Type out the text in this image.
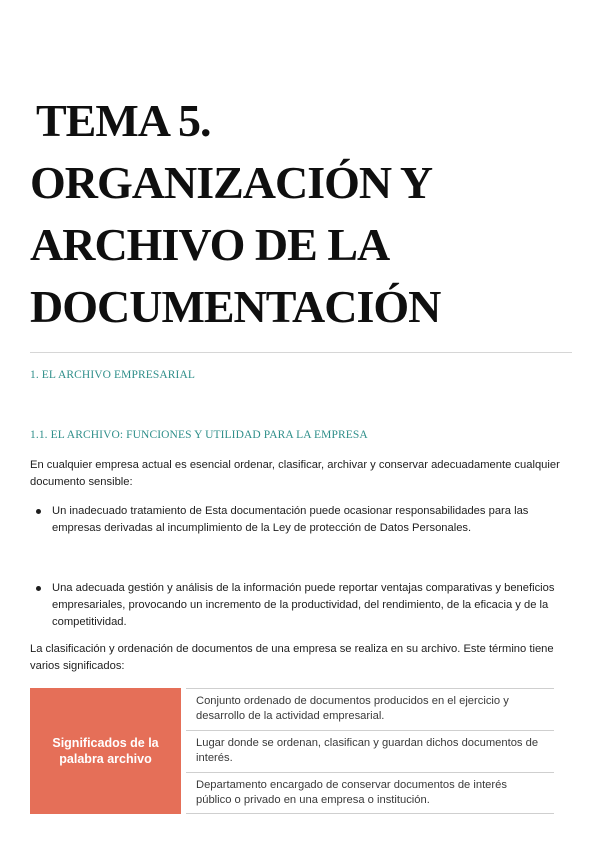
TEMA 5.
ORGANIZACIÓN Y
ARCHIVO DE LA
DOCUMENTACIÓN
1. EL ARCHIVO EMPRESARIAL
1.1. EL ARCHIVO: FUNCIONES Y UTILIDAD PARA LA EMPRESA
En cualquier empresa actual es esencial ordenar, clasificar, archivar y conservar adecuadamente cualquier documento sensible:
Un inadecuado tratamiento de Esta documentación puede ocasionar responsabilidades para las empresas derivadas al incumplimiento de la Ley de protección de Datos Personales.
Una adecuada gestión y análisis de la información puede reportar ventajas comparativas y beneficios empresariales, provocando un incremento de la productividad, del rendimiento, de la eficacia y de la competitividad.
La clasificación y ordenación de documentos de una empresa se realiza en su archivo. Este término tiene varios significados:
Significados de la palabra archivo
Conjunto ordenado de documentos producidos en el ejercicio y desarrollo de la actividad empresarial.
Lugar donde se ordenan, clasifican y guardan dichos documentos de interés.
Departamento encargado de conservar documentos de interés público o privado en una empresa o institución.
